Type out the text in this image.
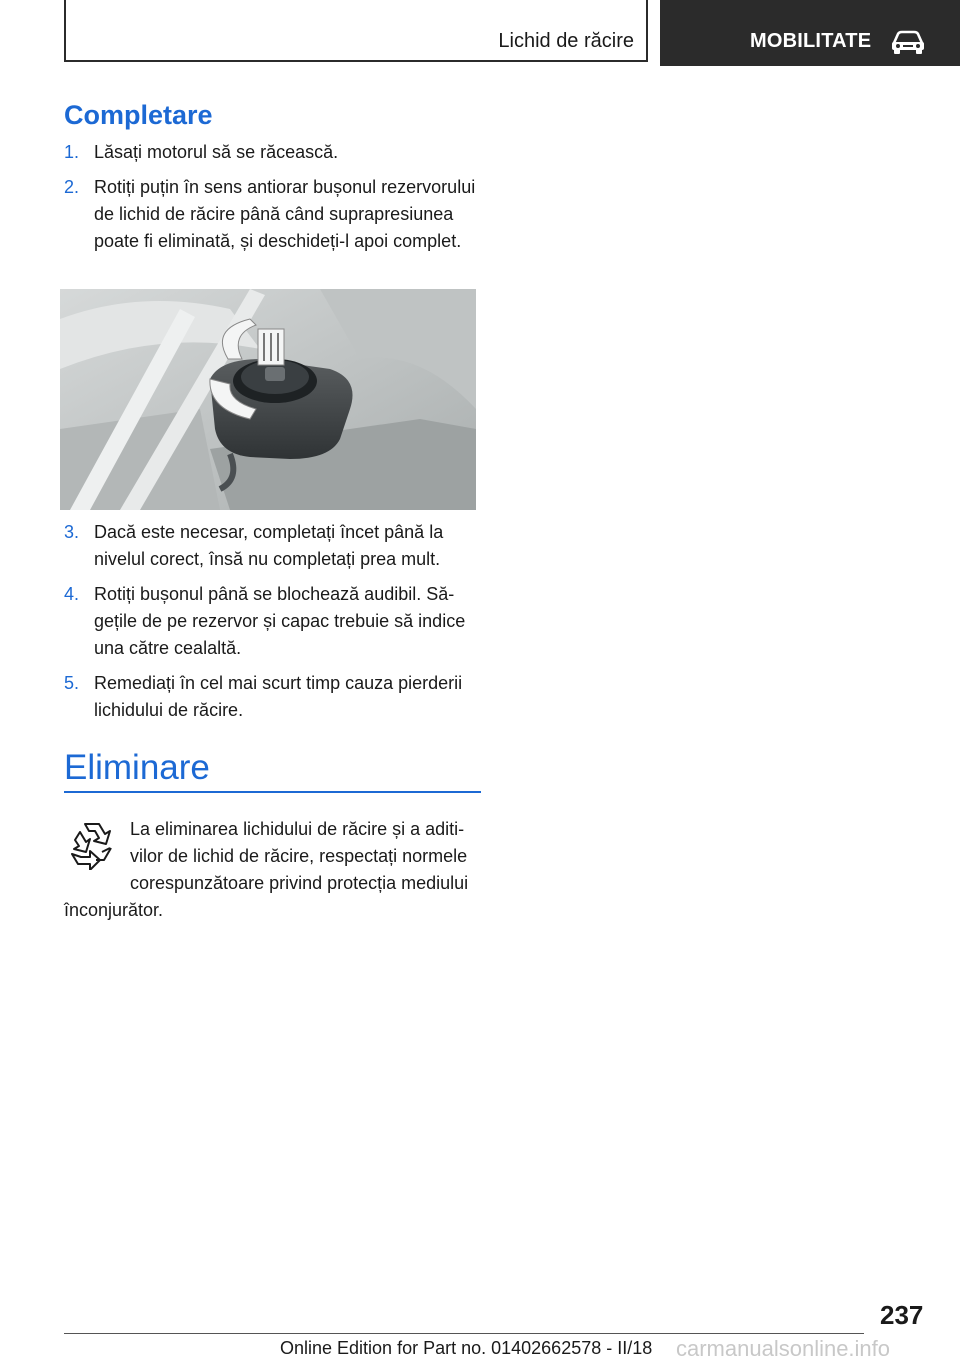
Lichid de răcire	MOBILITATE
Completare
1. Lăsați motorul să se răcească.
2. Rotiți puțin în sens antiorar bușonul rezervorului de lichid de răcire până când suprapresiunea poate fi eliminată, și deschideți-l apoi complet.
3. Dacă este necesar, completați încet până la nivelul corect, însă nu completați prea mult.
4. Rotiți bușonul până se blochează audibil. Săgețile de pe rezervor și capac trebuie să indice una către cealaltă.
5. Remediați în cel mai scurt timp cauza pierderii lichidului de răcire.
Eliminare
La eliminarea lichidului de răcire și a aditivilor de lichid de răcire, respectați normele corespunzătoare privind protecția mediului înconjurător.
237
Online Edition for Part no. 01402662578 - II/18 carmanualsonline.info
